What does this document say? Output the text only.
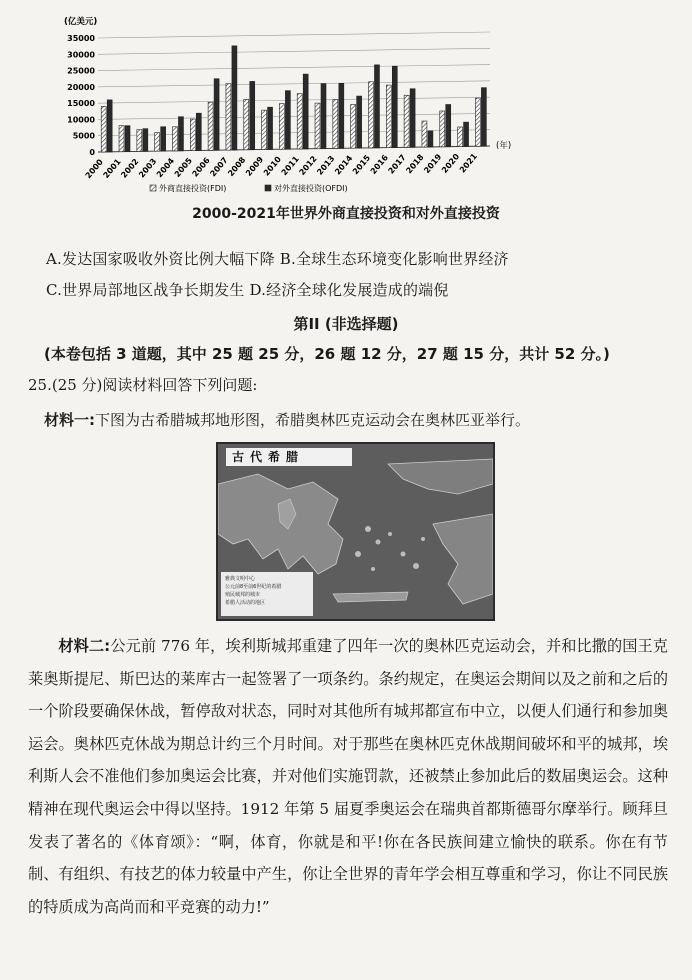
(亿美元)
0
5000
10000
15000
20000
25000
30000
35000
2000
2001
2002
2003
2004
2005
2006
2007
2008
2009
2010
2011
2012
2013
2014
2015
2016
2017
2018
2019
2020
2021
(年)
外商直接投资(FDI)	对外直接投资(OFDI)
2000-2021年世界外商直接投资和对外直接投资
A.发达国家吸收外资比例大幅下降 B.全球生态环境变化影响世界经济
C.世界局部地区战争长期发生 D.经济全球化发展造成的端倪
第II (非选择题)
(本卷包括 3 道题，其中 25 题 25 分，26 题 12 分，27 题 15 分，共计 52 分。)
25.(25 分)阅读材料回答下列问题:
材料一:下图为古希腊城邦地形图，希腊奥林匹克运动会在奥林匹亚举行。
古代希腊
雅典文明中心
公元前8至前6世纪的希腊
殖民城邦的城市
希腊人活动的地区
材料二:公元前 776 年，埃利斯城邦重建了四年一次的奥林匹克运动会，并和比撒的国王克莱奥斯提尼、斯巴达的莱库古一起签署了一项条约。条约规定，在奥运会期间以及之前和之后的一个阶段要确保休战，暂停敌对状态，同时对其他所有城邦都宣布中立，以便人们通行和参加奥运会。奥林匹克休战为期总计约三个月时间。对于那些在奥林匹克休战期间破坏和平的城邦，埃利斯人会不准他们参加奥运会比赛，并对他们实施罚款，还被禁止参加此后的数届奥运会。这种精神在现代奥运会中得以坚持。1912 年第 5 届夏季奥运会在瑞典首都斯德哥尔摩举行。顾拜旦发表了著名的《体育颂》：“啊，体育，你就是和平!你在各民族间建立愉快的联系。你在有节制、有组织、有技艺的体力较量中产生，你让全世界的青年学会相互尊重和学习，你让不同民族的特质成为高尚而和平竞赛的动力!”
